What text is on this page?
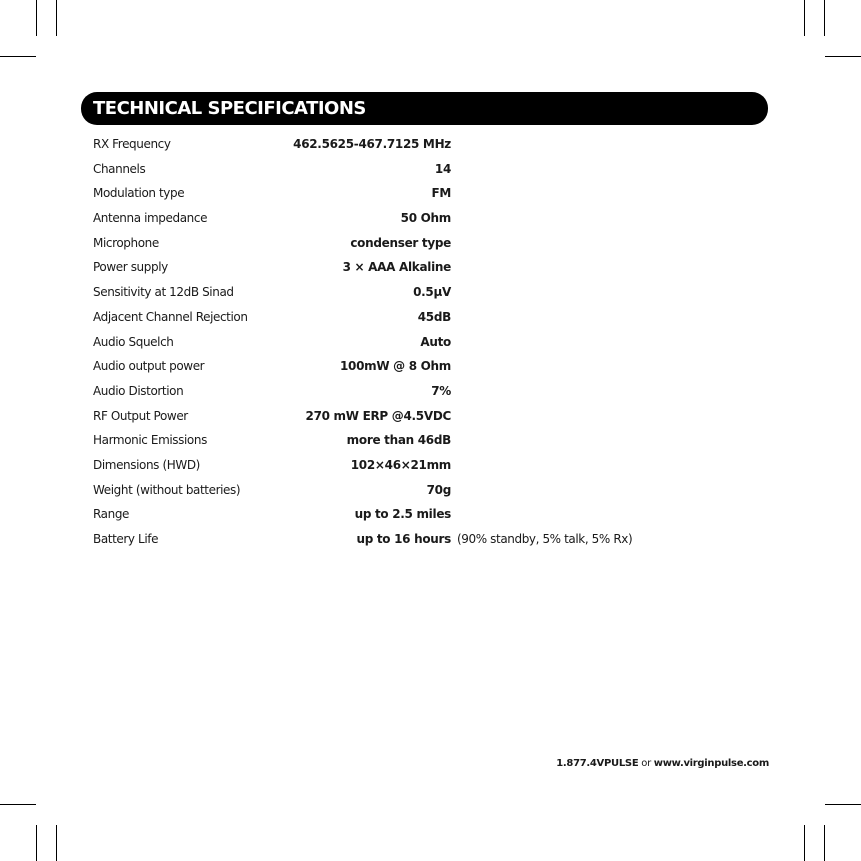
TECHNICAL SPECIFICATIONS
RX Frequency	462.5625-467.7125 MHz
Channels	14
Modulation type	FM
Antenna impedance	50 Ohm
Microphone	condenser type
Power supply	3 × AAA Alkaline
Sensitivity at 12dB Sinad	0.5µV
Adjacent Channel Rejection	45dB
Audio Squelch	Auto
Audio output power	100mW @ 8 Ohm
Audio Distortion	7%
RF Output Power	270 mW ERP @4.5VDC
Harmonic Emissions	more than 46dB
Dimensions (HWD)	102×46×21mm
Weight (without batteries)	70g
Range	up to 2.5 miles
Battery Life	up to 16 hours (90% standby, 5% talk, 5% Rx)
1.877.4VPULSE or www.virginpulse.com
